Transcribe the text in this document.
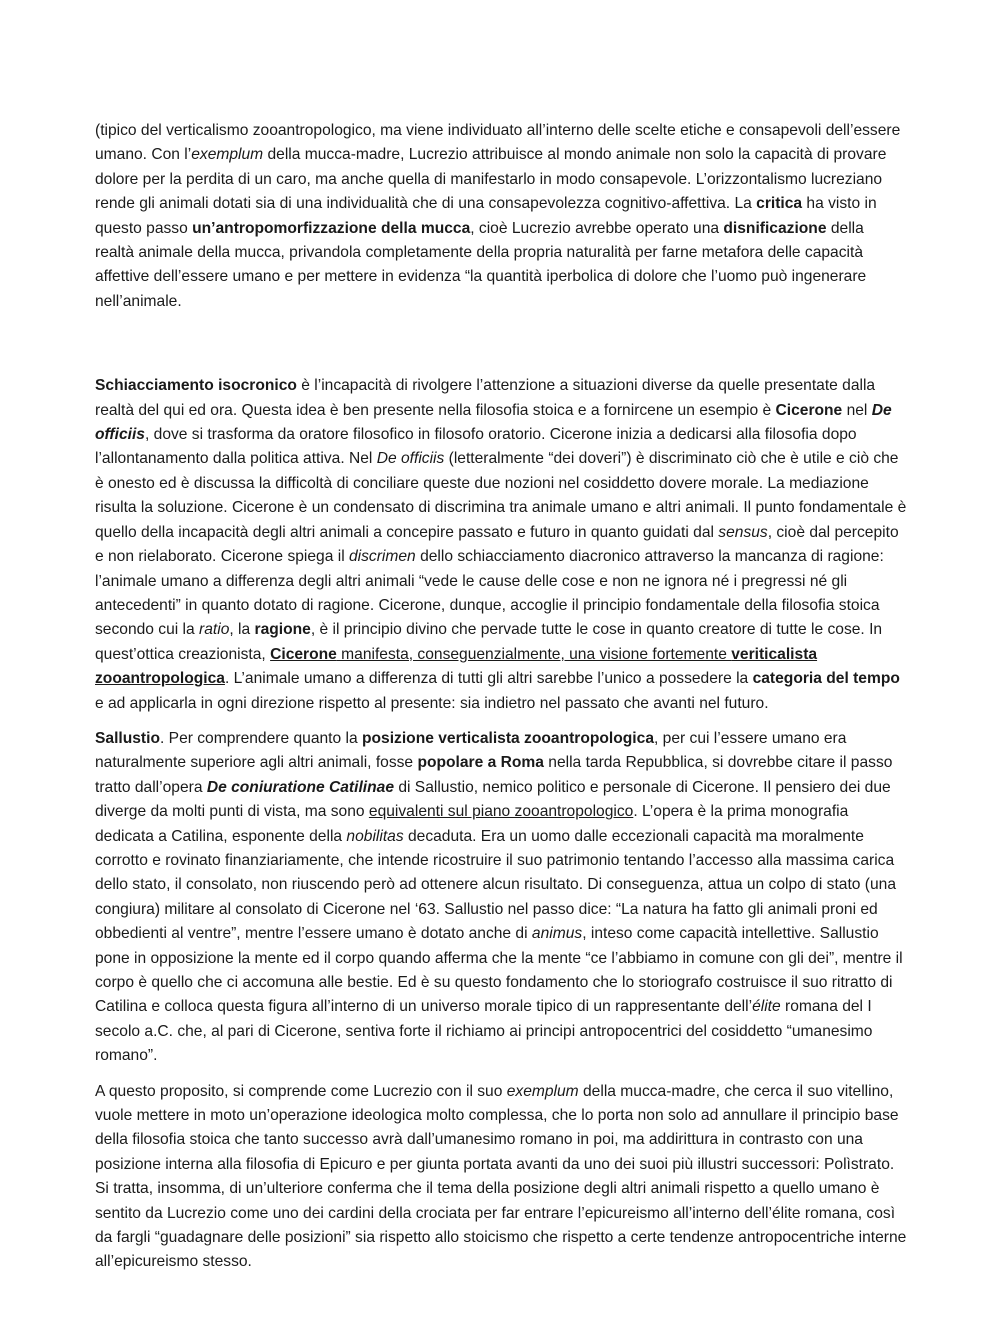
(tipico del verticalismo zooantropologico, ma viene individuato all’interno delle scelte etiche e consapevoli dell’essere umano. Con l’exemplum della mucca-madre, Lucrezio attribuisce al mondo animale non solo la capacità di provare dolore per la perdita di un caro, ma anche quella di manifestarlo in modo consapevole. L’orizzontalismo lucreziano rende gli animali dotati sia di una individualità che di una consapevolezza cognitivo-affettiva. La critica ha visto in questo passo un’antropomorfizzazione della mucca, cioè Lucrezio avrebbe operato una disnificazione della realtà animale della mucca, privandola completamente della propria naturalità per farne metafora delle capacità affettive dell’essere umano e per mettere in evidenza “la quantità iperbolica di dolore che l’uomo può ingenerare nell’animale.

Schiacciamento isocronico è l’incapacità di rivolgere l’attenzione a situazioni diverse da quelle presentate dalla realtà del qui ed ora. Questa idea è ben presente nella filosofia stoica e a fornircene un esempio è Cicerone nel De officiis, dove si trasforma da oratore filosofico in filosofo oratorio. Cicerone inizia a dedicarsi alla filosofia dopo l’allontanamento dalla politica attiva. Nel De officiis (letteralmente “dei doveri”) è discriminato ciò che è utile e ciò che è onesto ed è discussa la difficoltà di conciliare queste due nozioni nel cosiddetto dovere morale. La mediazione risulta la soluzione. Cicerone è un condensato di discrimina tra animale umano e altri animali. Il punto fondamentale è quello della incapacità degli altri animali a concepire passato e futuro in quanto guidati dal sensus, cioè dal percepito e non rielaborato. Cicerone spiega il discrimen dello schiacciamento diacronico attraverso la mancanza di ragione: l’animale umano a differenza degli altri animali “vede le cause delle cose e non ne ignora né i pregressi né gli antecedenti” in quanto dotato di ragione. Cicerone, dunque, accoglie il principio fondamentale della filosofia stoica secondo cui la ratio, la ragione, è il principio divino che pervade tutte le cose in quanto creatore di tutte le cose. In quest’ottica creazionista, Cicerone manifesta, conseguenzialmente, una visione fortemente veriticalista zooantropologica. L’animale umano a differenza di tutti gli altri sarebbe l’unico a possedere la categoria del tempo e ad applicarla in ogni direzione rispetto al presente: sia indietro nel passato che avanti nel futuro.

Sallustio. Per comprendere quanto la posizione verticalista zooantropologica, per cui l’essere umano era naturalmente superiore agli altri animali, fosse popolare a Roma nella tarda Repubblica, si dovrebbe citare il passo tratto dall’opera De coniuratione Catilinae di Sallustio, nemico politico e personale di Cicerone. Il pensiero dei due diverge da molti punti di vista, ma sono equivalenti sul piano zooantropologico. L’opera è la prima monografia dedicata a Catilina, esponente della nobilitas decaduta. Era un uomo dalle eccezionali capacità ma moralmente corrotto e rovinato finanziariamente, che intende ricostruire il suo patrimonio tentando l’accesso alla massima carica dello stato, il consolato, non riuscendo però ad ottenere alcun risultato. Di conseguenza, attua un colpo di stato (una congiura) militare al consolato di Cicerone nel ‘63. Sallustio nel passo dice: “La natura ha fatto gli animali proni ed obbedienti al ventre”, mentre l’essere umano è dotato anche di animus, inteso come capacità intellettive. Sallustio pone in opposizione la mente ed il corpo quando afferma che la mente “ce l’abbiamo in comune con gli dei”, mentre il corpo è quello che ci accomuna alle bestie. Ed è su questo fondamento che lo storiografo costruisce il suo ritratto di Catilina e colloca questa figura all’interno di un universo morale tipico di un rappresentante dell’élite romana del I secolo a.C. che, al pari di Cicerone, sentiva forte il richiamo ai principi antropocentrici del cosiddetto “umanesimo romano”.

A questo proposito, si comprende come Lucrezio con il suo exemplum della mucca-madre, che cerca il suo vitellino, vuole mettere in moto un’operazione ideologica molto complessa, che lo porta non solo ad annullare il principio base della filosofia stoica che tanto successo avrà dall’umanesimo romano in poi, ma addirittura in contrasto con una posizione interna alla filosofia di Epicuro e per giunta portata avanti da uno dei suoi più illustri successori: Polìstrato. Si tratta, insomma, di un’ulteriore conferma che il tema della posizione degli altri animali rispetto a quello umano è sentito da Lucrezio come uno dei cardini della crociata per far entrare l’epicureismo all’interno dell’élite romana, così da fargli “guadagnare delle posizioni” sia rispetto allo stoicismo che rispetto a certe tendenze antropocentriche interne all’epicureismo stesso.
